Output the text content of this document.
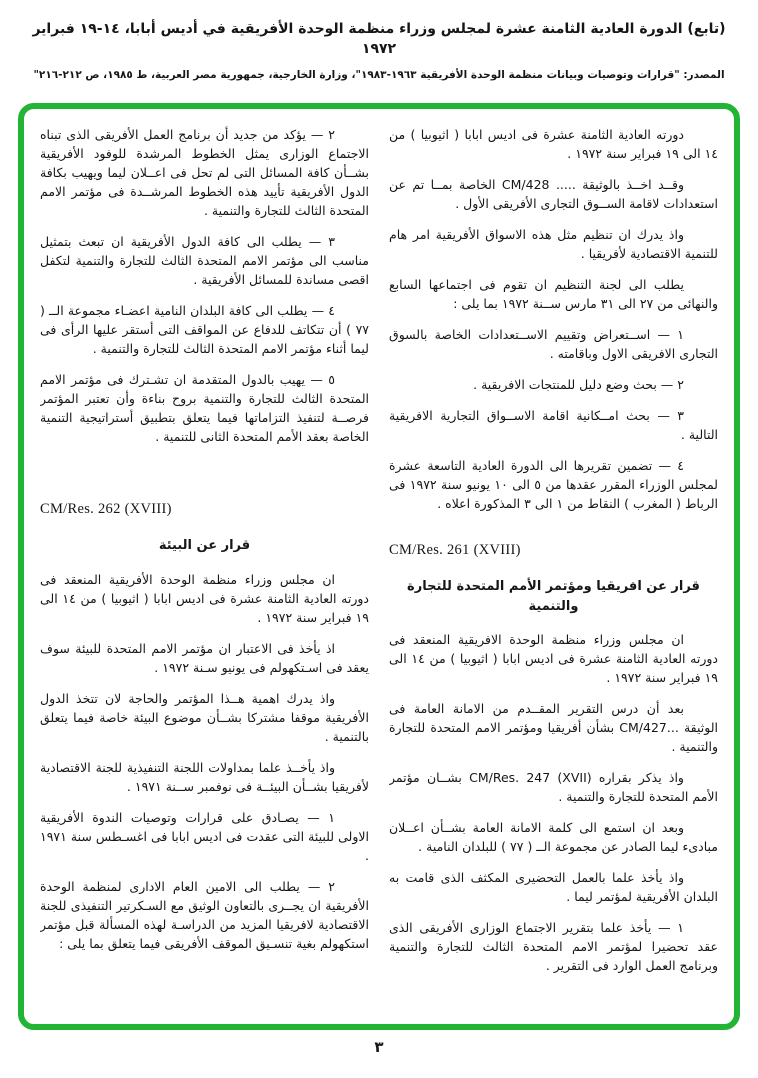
(تابع) الدورة العادية الثامنة عشرة لمجلس وزراء منظمة الوحدة الأفريقية في أديس أبابا، ١٤-١٩ فبراير ١٩٧٢
المصدر: "قرارات وتوصيات وبيانات منظمة الوحدة الأفريقية ١٩٦٣-١٩٨٣"، وزارة الخارجية، جمهورية مصر العربية، ط ١٩٨٥، ص ٢١٢-٢١٦"
دورته العادية الثامنة عشرة فى اديس ابابا ( اثيوبيا ) من ١٤ الى ١٩ فبراير سنة ١٩٧٢ .
وقــد اخــذ بالوثيقة ..... CM/428 الخاصة بمــا تم عن استعدادات لاقامة الســوق التجارى الأفريقى الأول .
واذ يدرك ان تنظيم مثل هذه الاسواق الأفريقية امر هام للتنمية الاقتصادية لأفريقيا .
يطلب الى لجنة التنظيم ان تقوم فى اجتماعها السابع والنهائى من ٢٧ الى ٣١ مارس ســنة ١٩٧٢ بما يلى :
١ — اســتعراض وتقييم الاســتعدادات الخاصة بالسوق التجارى الافريقى الاول وباقامته .
٢ — بحث وضع دليل للمنتجات الافريقية .
٣ — بحث امــكانية اقامة الاســواق التجارية الافريقية التالية .
٤ — تضمين تقريرها الى الدورة العادية التاسعة عشرة لمجلس الوزراء المقرر عقدها من ٥ الى ١٠ يونيو سنة ١٩٧٢ فى الرباط ( المغرب ) النقاط من ١ الى ٣ المذكورة اعلاه .
CM/Res. 261 (XVIII)
قرار عن افريقيا ومؤتمر الأمم المتحدة للتجارة والتنمية
ان مجلس وزراء منظمة الوحدة الافريقية المنعقد فى دورته العادية الثامنة عشرة فى اديس ابابا ( اثيوبيا ) من ١٤ الى ١٩ فبراير سنة ١٩٧٢ .
بعد أن درس التقرير المقــدم من الامانة العامة فى الوثيقة ...CM/427 بشأن أفريقيا ومؤتمر الامم المتحدة للتجارة والتنمية .
واذ يذكر بقراره CM/Res. 247 (XVII) بشــان مؤتمر الأمم المتحدة للتجارة والتنمية .
وبعد ان استمع الى كلمة الامانة العامة بشــأن اعــلان مبادىء ليما الصادر عن مجموعة الــ ( ٧٧ ) للبلدان النامية .
واذ يأخذ علما بالعمل التحضيرى المكثف الذى قامت به البلدان الأفريقية لمؤتمر ليما .
١ — يأخذ علما بتقرير الاجتماع الوزارى الأفريقى الذى عقد تحضيرا لمؤتمر الامم المتحدة الثالث للتجارة والتنمية وبرنامج العمل الوارد فى التقرير .
٢ — يؤكد من جديد أن برنامج العمل الأفريقى الذى تبناه الاجتماع الوزارى يمثل الخطوط المرشدة للوفود الأفريقية بشــأن كافة المسائل التى لم تحل فى اعــلان ليما ويهيب بكافة الدول الأفريقية تأييد هذه الخطوط المرشــدة فى مؤتمر الامم المتحدة الثالث للتجارة والتنمية .
٣ — يطلب الى كافة الدول الأفريقية ان تبعث بتمثيل مناسب الى مؤتمر الامم المتحدة الثالث للتجارة والتنمية لتكفل اقصى مساندة للمسائل الأفريقية .
٤ — يطلب الى كافة البلدان النامية اعضـاء مجموعة الــ ( ٧٧ ) أن تتكاتف للدفاع عن المواقف التى أستقر عليها الرأى فى ليما أثناء مؤتمر الامم المتحدة الثالث للتجارة والتنمية .
٥ — يهيب بالدول المتقدمة ان تشـترك فى مؤتمر الامم المتحدة الثالث للتجارة والتنمية بروح بناءة وأن تعتبر المؤتمر فرصــة لتنفيذ التزاماتها فيما يتعلق بتطبيق أستراتيجية التنمية الخاصة بعقد الأمم المتحدة الثانى للتنمية .
CM/Res. 262 (XVIII)
قرار عن البيئة
ان مجلس وزراء منظمة الوحدة الأفريقية المنعقد فى دورته العادية الثامنة عشرة فى اديس ابابا ( اثيوبيا ) من ١٤ الى ١٩ فبراير سنة ١٩٧٢ .
اذ يأخذ فى الاعتبار ان مؤتمر الامم المتحدة للبيئة سوف يعقد فى اسـتكهولم فى يونيو سـنة ١٩٧٢ .
واذ يدرك اهمية هــذا المؤتمر والحاجة لان تتخذ الدول الأفريقية موقفا مشتركا بشــأن موضوع البيئة خاصة فيما يتعلق بالتنمية .
واذ يأخــذ علما بمداولات اللجنة التنفيذية للجنة الاقتصادية لأفريقيا بشــأن البيئــة فى نوفمبر ســنة ١٩٧١ .
١ — يصـادق على قرارات وتوصيات الندوة الأفريقية الاولى للبيئة التى عقدت فى اديس ابابا فى اغسـطس سنة ١٩٧١ .
٢ — يطلب الى الامين العام الادارى لمنظمة الوحدة الأفريقية ان يجــرى بالتعاون الوثيق مع السـكرتير التنفيذى للجنة الاقتصادية لافريقيا المزيد من الدراسـة لهذه المسألة قبل مؤتمر استكهولم بغية تنسـيق الموقف الأفريقى فيما يتعلق بما يلى :
٣
